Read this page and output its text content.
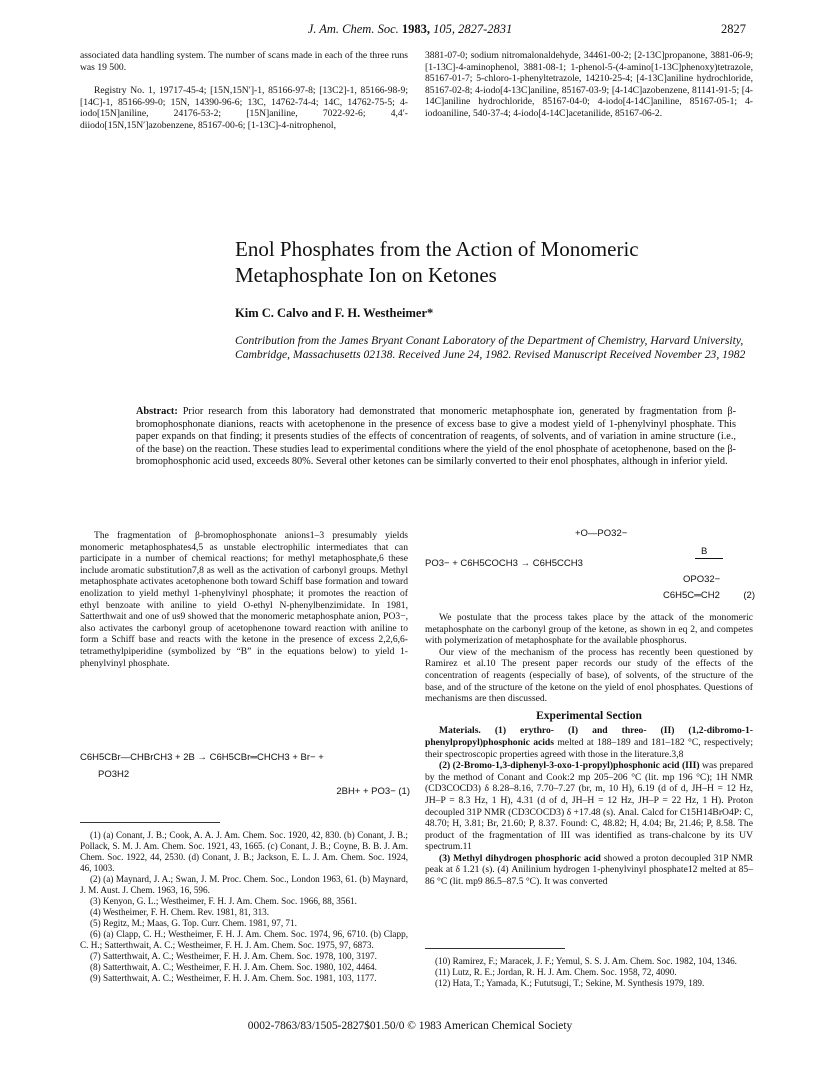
J. Am. Chem. Soc. 1983, 105, 2827-2831	2827

associated data handling system. The number of scans made in each of the three runs was 19 500.

Registry No. 1, 19717-45-4; [15N,15N′]-1, 85166-97-8; [13C2]-1, 85166-98-9; [14C]-1, 85166-99-0; 15N, 14390-96-6; 13C, 14762-74-4; 14C, 14762-75-5; 4-iodo[15N]aniline, 24176-53-2; [15N]aniline, 7022-92-6; 4,4′-diiodo[15N,15N′]azobenzene, 85167-00-6; [1-13C]-4-nitrophenol,

3881-07-0; sodium nitromalonaldehyde, 34461-00-2; [2-13C]propanone, 3881-06-9; [1-13C]-4-aminophenol, 3881-08-1; 1-phenol-5-(4-amino[1-13C]phenoxy)tetrazole, 85167-01-7; 5-chloro-1-phenyltetrazole, 14210-25-4; [4-13C]aniline hydrochloride, 85167-02-8; 4-iodo[4-13C]aniline, 85167-03-9; [4-14C]azobenzene, 81141-91-5; [4-14C]aniline hydrochloride, 85167-04-0; 4-iodo[4-14C]aniline, 85167-05-1; 4-iodoaniline, 540-37-4; 4-iodo[4-14C]acetanilide, 85167-06-2.

Enol Phosphates from the Action of Monomeric Metaphosphate Ion on Ketones
Kim C. Calvo and F. H. Westheimer*
Contribution from the James Bryant Conant Laboratory of the Department of Chemistry, Harvard University, Cambridge, Massachusetts 02138. Received June 24, 1982. Revised Manuscript Received November 23, 1982
Abstract: Prior research from this laboratory had demonstrated that monomeric metaphosphate ion, generated by fragmentation from β-bromophosphonate dianions, reacts with acetophenone in the presence of excess base to give a modest yield of 1-phenylvinyl phosphate. This paper expands on that finding; it presents studies of the effects of concentration of reagents, of solvents, and of variation in amine structure (i.e., of the base) on the reaction. These studies lead to experimental conditions where the yield of the enol phosphate of acetophenone, based on the β-bromophosphonic acid used, exceeds 80%. Several other ketones can be similarly converted to their enol phosphates, although in inferior yield.

The fragmentation of β-bromophosphonate anions1–3 presumably yields monomeric metaphosphates4,5 as unstable electrophilic intermediates that can participate in a number of chemical reactions; for methyl metaphosphate,6 these include aromatic substitution7,8 as well as the activation of carbonyl groups. Methyl metaphosphate activates acetophenone both toward Schiff base formation and toward enolization to yield methyl 1-phenylvinyl phosphate; it promotes the reaction of ethyl benzoate with aniline to yield O-ethyl N-phenylbenzimidate. In 1981, Satterthwait and one of us9 showed that the monomeric metaphosphate anion, PO3−, also activates the carbonyl group of acetophenone toward reaction with aniline to form a Schiff base and reacts with the ketone in the presence of excess 2,2,6,6-tetramethylpiperidine (symbolized by “B” in the equations below) to yield 1-phenylvinyl phosphate.

C6H5CBr—CHBrCH3 + 2B → C6H5CBr═CHCH3 + Br− +
PO3H2
2BH+ + PO3− (1)

(1) (a) Conant, J. B.; Cook, A. A. J. Am. Chem. Soc. 1920, 42, 830. (b) Conant, J. B.; Pollack, S. M. J. Am. Chem. Soc. 1921, 43, 1665. (c) Conant, J. B.; Coyne, B. B. J. Am. Chem. Soc. 1922, 44, 2530. (d) Conant, J. B.; Jackson, E. L. J. Am. Chem. Soc. 1924, 46, 1003.

(2) (a) Maynard, J. A.; Swan, J. M. Proc. Chem. Soc., London 1963, 61. (b) Maynard, J. M. Aust. J. Chem. 1963, 16, 596.

(3) Kenyon, G. L.; Westheimer, F. H. J. Am. Chem. Soc. 1966, 88, 3561.

(4) Westheimer, F. H. Chem. Rev. 1981, 81, 313.

(5) Regitz, M.; Maas, G. Top. Curr. Chem. 1981, 97, 71.

(6) (a) Clapp, C. H.; Westheimer, F. H. J. Am. Chem. Soc. 1974, 96, 6710. (b) Clapp, C. H.; Satterthwait, A. C.; Westheimer, F. H. J. Am. Chem. Soc. 1975, 97, 6873.

(7) Satterthwait, A. C.; Westheimer, F. H. J. Am. Chem. Soc. 1978, 100, 3197.

(8) Satterthwait, A. C.; Westheimer, F. H. J. Am. Chem. Soc. 1980, 102, 4464.

(9) Satterthwait, A. C.; Westheimer, F. H. J. Am. Chem. Soc. 1981, 103, 1177.

+O—PO32−
PO3− + C6H5COCH3 → C6H5CCH3
B
OPO32−
C6H5C═CH2 (2)

We postulate that the process takes place by the attack of the monomeric metaphosphate on the carbonyl group of the ketone, as shown in eq 2, and competes with polymerization of metaphosphate for the available phosphorus.

Our view of the mechanism of the process has recently been questioned by Ramirez et al.10 The present paper records our study of the effects of the concentration of reagents (especially of base), of solvents, of the structure of the base, and of the structure of the ketone on the yield of enol phosphates. Questions of mechanisms are then discussed.

Experimental Section

Materials. (1) erythro- (I) and threo- (II) (1,2-dibromo-1-phenylpropyl)phosphonic acids melted at 188–189 and 181–182 °C, respectively; their spectroscopic properties agreed with those in the literature.3,8

(2) (2-Bromo-1,3-diphenyl-3-oxo-1-propyl)phosphonic acid (III) was prepared by the method of Conant and Cook:2 mp 205–206 °C (lit. mp 196 °C); 1H NMR (CD3COCD3) δ 8.28–8.16, 7.70–7.27 (br, m, 10 H), 6.19 (d of d, JH–H = 12 Hz, JH–P = 8.3 Hz, 1 H), 4.31 (d of d, JH–H = 12 Hz, JH–P = 22 Hz, 1 H). Proton decoupled 31P NMR (CD3COCD3) δ +17.48 (s). Anal. Calcd for C15H14BrO4P: C, 48.70; H, 3.81; Br, 21.60; P, 8.37. Found: C, 48.82; H, 4.04; Br, 21.46; P, 8.58. The product of the fragmentation of III was identified as trans-chalcone by its UV spectrum.11

(3) Methyl dihydrogen phosphoric acid showed a proton decoupled 31P NMR peak at δ 1.21 (s). (4) Anilinium hydrogen 1-phenylvinyl phosphate12 melted at 85–86 °C (lit. mp9 86.5–87.5 °C). It was converted

(10) Ramirez, F.; Maracek, J. F.; Yemul, S. S. J. Am. Chem. Soc. 1982, 104, 1346.

(11) Lutz, R. E.; Jordan, R. H. J. Am. Chem. Soc. 1958, 72, 4090.

(12) Hata, T.; Yamada, K.; Fututsugi, T.; Sekine, M. Synthesis 1979, 189.

0002-7863/83/1505-2827$01.50/0 © 1983 American Chemical Society
